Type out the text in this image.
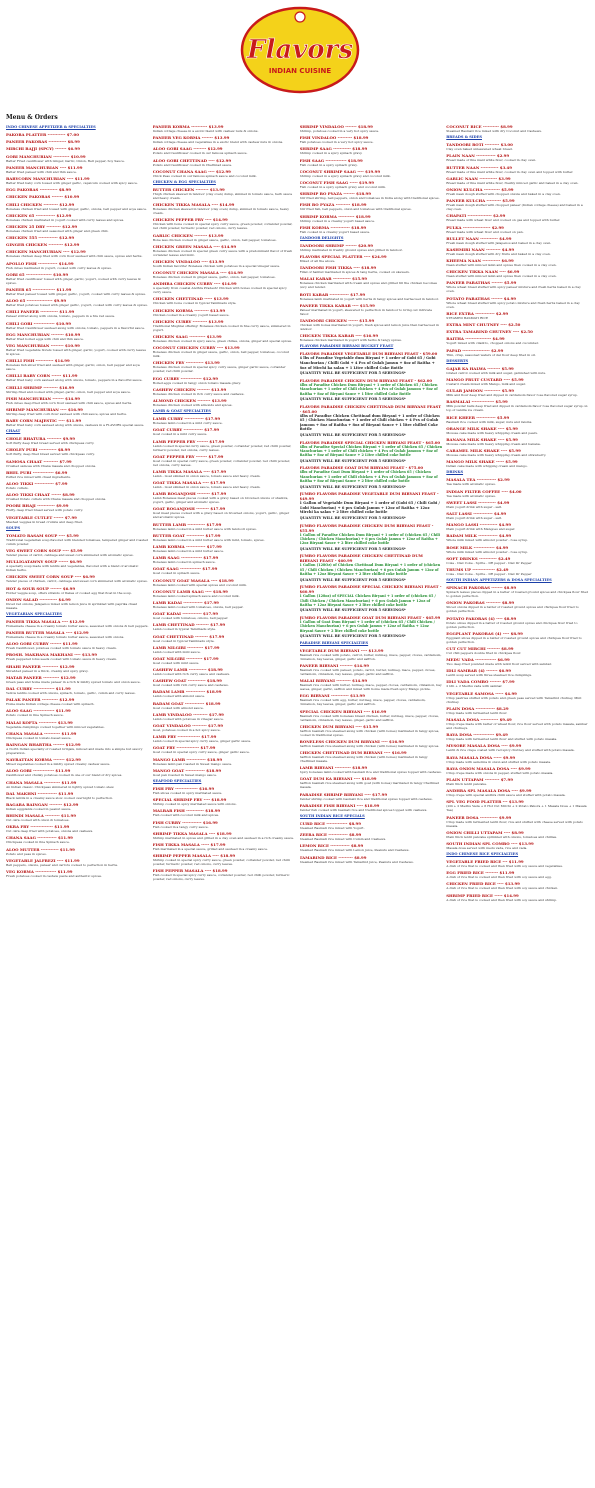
Flavors
INDIAN CUISINE
Menu & Orders
INDO CHINESE APPETIZER & SPECIALTIES
PAKORA PLATTER ----------- $7.00
PANEER PAKORAS ----------- $8.99
MIRCHI BAJJI (SPCY) ------- $6.99
GOBI MANCHURIAN ---------- $10.99
Batter Fried cauliflower with Ginger, Garlic, Onion, Bell pepper, Soy Sauce.
PANEER MANCHURIAN ---- $11.99
Batter fried paneer with chili and thin sauce.
BABYCORN MANCHURIAN ---- $11.99
Batter fried baby corn tossed with ginger garlic, capsicum cooked with spicy sauce.
EGG PAKORAS ----------- $8.99
CHICKEN PAKORAS ------- $10.99
CHILI CHICKEN --------- $12.99
Boneless chicken fried and tossed with ginger, garlic, onions, bell pepper and soya sauce.
CHICKEN 65 ------------ $12.99
Boneless chicken marinated in yogurt cooked with curry leaves and spices.
CHICKEN 25 DRY --------- $12.99
Boneless chicken fried and seasoned with ginger and green chili.
CHICKEN 555 ------------ $12.99
GINGER CHICKEN --------- $12.99
CHICKEN MANCHURIAN ---- $12.99
Boneless chicken deep fried with corn flour sauteed with chili sauce, spices and herbs.
APOLLO FISH ------------ $14.99
Fish cubes marinated in yogurt, cooked with curry leaves & spices.
GOBI 65 ---------------- $10.99
Batter fried cauliflower tossed with ginger, garlic, yogurt, cooked with curry leaves & spices.
PANEER 65 -------------- $11.99
Batter fried paneer tossed with ginger, garlic, yogurt, cooked with curry leaves & spices.
ALOO 65 ---------------- $9.99
Batter fried potatoes tossed with ginger garlic, yogurt, cooked with curry leaves & spices.
CHILI PANEER ----------- $11.99
Paneer stirred along with onions, tomato, peppers in a fire red sauce.
CHILI GOBI ------------- $10.99
Batter fried Cauliflower sauteed along with onions, tomato, peppers in a flavorful sauce.
EGG MANCHURIAN -------- $10.99
Batter fried boiled eggs with chili and thin sauce.
VEG MANCHURIAN -------- $10.99
Batter fried vegetable florets tossed with ginger, garlic, yogurt, cooked with curry leaves & spices.
CHILLI FISH ----------- $14.99
Boneless fish sliver fried and sauteed with ginger, garlic, onion, bell pepper and soya sauce.
CHILLI BABY CORN ------ $11.99
Batter fried baby corn sauteed along with onions, tomato, peppers in a flavorful sauce.
CHILLI SHRIMP --------- $16.99
Shrimp fried and cooked with ginger, garlic, onion, bell pepper and soya sauce.
FISH MANCHURIAN ------- $14.99
Fish cubes deep fried with corn flour sauteed with chili sauce, spices and herbs.
SHRIMP MANCHURIAN ---- $16.99
Shrimp deep fried with corn flour sauteed with chili sauce, spices and herbs.
BABY CORN MAJESTIC ---- $11.99
Batter fried baby corn sauteed along with onions, cashews in a FLAVORS special sauce.
CHAAT
CHOLE BHATURA --------- $9.99
Soft fluffy deep fried bread served with chickpeas curry.
CHOLEY PURI ----------- $8.99
Soft fluffy, deep fried bread served with chickpeas curry.
SAMOSA CHAAT --------- $7.99
Crushed samosa with Chana masala and chopped onions.
BHEL PURI ------------- $6.99
Puffed rice mixed with chaat ingredients.
ALOO TIKKI ------------ $7.99
Potato cutlets.
ALOO TIKKI CHAAT ------ $8.99
Crushed Potato cutlets with Chana masala and chopped onions.
POORI BHAJI ----------- $9.99
Fluffy, deep fried bread served with potato curry.
VEGETABLE CUTLET ------ $7.99
Mashed veggies in bread crumbs and deep fried.
SOUPS
TOMATO RASAM SOUP ---- $5.99
Traditional vegetarian soup flavored with blended tomatoes, tempered ginger and roasted cumin powder.
VEG SWEET CORN SOUP ---- $5.99
Tender pieces of carrot, cabbage and sweet corn simmered with aromatic spices.
MULLIGATAWNY SOUP ------ $6.99
A specialty soup made with lentils and vegetables, flavored with a blend of aromatic Indian herbs.
CHICKEN SWEET CORN SOUP ---- $6.99
Tender pieces of chicken, carrot, cabbage and sweet corn simmered with aromatic spices.
HOT & SOUR SOUP ------- $6.99
Hotter veggie soup, offers strands or flakes of cooked egg that float in the soup.
ONION SALAD ----------- $4.99
Diced red onions, Jalapenos mixed with lemon juice & sprinkled with paprika chaat masala.
VEGETARIAN SPECIALTIES
PANEER TIKKA MASALA ---- $12.99
Homemade cheese in a creamy tomato butter sauce, seasoned with onions & bell peppers.
PANEER BUTTER MASALA ---- $12.99
Homemade cheese in a creamy tomato butter sauce, seasoned with onions.
ALOO GOBI CURRY ------- $11.99
Fresh Cauliflower, potatoes cooked with tomato sauce & heavy cream.
PROSH. MAKHANA MAKHANI ---- $13.99
Fresh peppered lotus seeds cooked with tomato sauce & heavy cream.
SHAHI PANEER ---------- $12.99
Shredded paneer in a thick, creamy and spicy gravy.
MATAR PANEER ---------- $12.99
Green peas and home made paneer in a rich & mildly spiced tomato and onion sauce.
DAL CURRY ------------- $11.99
Yellow lentils cooked with onions, spinach, tomato, garlic, cumin and curry leaves.
PALAK PANEER ---------- $12.99
Home made Indian cottage cheese cooked with spinach.
ALOO SAAG ------------- $11.99
Potato cooked in fine Spinach sauce.
MALAI KOFTA ----------- $13.99
Vegetable dumplings cooked together with minced vegetables.
CHANA MASALA ---------- $11.99
Chickpeas cooked in tomato-based sauce.
BAINGAN BHARTHA ------- $12.99
A North Indian specialty of roasted brinjals, minced and made into a simple but savory preparation.
NAVRATTAN KORMA ------- $12.99
Mixed vegetables cooked in a mildly spiced creamy cashew sauce.
ALOO GOBI ------------- $11.99
Cauliflower and chunky potatoes cooked in one of our blend of dry spices.
CHANA MASALA ---------- $11.99
An Indian classic. Chickpeas simmered in lightly spiced tomato stew.
DAL MAKHNI ------------ $11.99
Black lentils in a creamy sauce slow cooked overnight to perfection.
BAGARA BAINGAN -------- $12.99
Indian eggplants cooked in peanut sauce.
BHINDI MASALA --------- $11.99
Cut okra cooked with onion & tomatoes.
OKRA FRY -------------- $11.99
Cut okra deep fried with potatoes, onions and cashews.
CHANA SAAG ------------ $11.99
Chickpeas cooked in fine Spinach sauce.
ALOO MUTTER ----------- $11.99
Potato and peas in spices.
VEGETABLE JALFREZI ---- $11.99
Bell peppers, onions, paneer and carrots cooked to perfection in herbs.
VEG KORMA ------------- $11.99
Fresh potatoes cooked in cashew paste and authentic spices.
PANEER KORMA ---------- $13.99
Indian cottage cheese in a exotic blend with cashew nuts & onions.
PANEER VEG KORMA ------- $13.99
Indian cottage cheese and vegetables in a exotic blend with cashew nuts & onions.
ALOO GOBI SAAG -------- $12.99
Potato and Cauliflower cooked in our famous spinach sauce.
ALOO GOBI CHETTINAD ---- $12.99
Potato and Cauliflower cooked in Chettinad sauce.
COCONUT CHANA SAAG ---- $12.99
Chick Peas cooked in our famous spinach sauce and coconut milk.
CHICKEN & EGG SPECIALTIES
BUTTER CHICKEN -------- $13.99
Thigh chicken skewed in tandoor (clay oven) dump, simmed in tomato sauce, herb sauce and heavy cream.
CHICKEN TIKKA MASALA ---- $14.99
Boneless chicken skewed in tandoor (clay oven) dump, simmed in tomato sauce, heavy cream.
CHICKEN PEPPER FRY ---- $14.99
Chicken with bone cooked in special spicy curry sauce, green powder, coriander powder, red chilli powder, turmeric powder, red onions, curry leaves.
GARLIC CHICKEN -------- $13.99
Bone less chicken cooked in ginger sauce, garlic, onion, bell pepper, tomatoes.
CHICKEN GREEN MASALA ---- $14.99
Boneless chicken cooked in special green curry sauce with a predominant flavor of fresh coriander leaves and mint.
CHICKEN VINDALOO ---- $13.99
South Indian favorite! Boneless chicken with potatoes in a special vinegar sauce.
COCONUT CHICKEN MASALA ---- $14.99
Boneless chicken cooked in ginger sauce, garlic, onion, bell pepper, tomatoes.
ANDHRA CHICKEN CURRY ---- $14.99
A specialty from coastal Andhra Pradesh! Chicken with bones cooked in special spicy curry sauce.
CHICKEN CHETTINAD ----- $13.99
Chicken with bone cooked in typical Tamilnadu style.
CHICKEN KORMA --------- $13.99
Chicken cooked in a creamy yogurt based sauce.
CHICKEN CURRY --------- $13.99
Traditional Mughlai offering! Boneless chicken cooked in fine curry sauce, simmered in yogurt.
CHICKEN SAAG ---------- $13.99
Boneless chicken cooked in spicy sauce, green chilies, onions, ginger and special spices.
COCONUT CHICKEN CURRY ---- $13.99
Boneless chicken cooked in ginger sauce, garlic, onion, bell pepper, tomatoes, coconut milk.
CHICKEN FRY ----------- $13.99
Boneless chicken cooked in special spicy curry sauce, ginger garlic sauce, coriander powder, red chilli powder.
EGG CURRY ------------- $12.99
Boiled eggs cooked in tangy onion tomato masala gravy.
CASHEW CHICKEN -------- $13.99
Boneless chicken cooked in rich curry sauce and cashews.
ALMOND CHICKEN -------- $13.99
Boneless chicken cooked with almonds and spices.
LAMB & GOAT SPECIALTIES
LAMB CURRY ------------ $17.99
Boneless lamb cooked in a mild curry sauce.
GOAT CURRY ------------ $17.99
Goat cooked in a mild curry sauce.
LAMB PEPPER FRY ------- $17.99
Lamb cooked in special curry sauce, green powder, coriander powder, red chilli powder, turmeric powder, red onions, curry leaves.
GOAT PEPPER FRY ------- $17.99
Goat cooked in special curry sauce, green powder, coriander powder, red chilli powder, red onions, curry leaves.
LAMB TIKKA MASALA ---- $17.99
Lamb - Goat simmed in onion sauce, tomato sauce and heavy cream.
GOAT TIKKA MASALA ---- $17.99
Lamb - Goat simmed in onion sauce, tomato sauce and heavy cream.
LAMB ROGANJOSH -------- $17.99
Lamb Boneless meat pieces cooked with a gravy based on browned onions or shallots, yogurt, garlic, ginger and aromatic spices.
GOAT ROGANJOSH -------- $17.99
Goat meat pieces cooked with a gravy based on browned onions, yogurt, garlic, ginger and aromatic spices.
BUTTER LAMB ----------- $17.99
Boneless lamb cooked in a mild butter sauce with tandoori spices.
BUTTER GOAT ----------- $17.99
Boneless lamb cooked in a mild butter sauce with mint, tomato, spices.
LAMB KORMA ------------ $17.99
Boneless lamb cooked in a mild butter sauce.
LAMB SAAG ------------- $17.99
Boneless lamb cooked in spinach sauce.
GOAT SAAG ------------- $17.99
Goat cooked in spinach sauce.
COCONUT GOAT MASALA ---- $18.99
Boneless lamb cooked with special spices and coconut milk.
COCONUT LAMB SAAG ---- $18.99
Boneless lamb cooked spinach sauce and coconut milk.
LAMB KADAI ------------ $17.99
Boneless lamb cooked with tomatoes, onions, bell pepper.
GOAT KADAI ------------ $17.99
Goat cooked with tomatoes, onions, bell pepper.
LAMB CHETTINAD -------- $17.99
Lamb cooked in typical Tamilnadu style.
GOAT CHETTINAD -------- $17.99
Goat cooked in typical Tamilnadu style.
LAMB NILGIRI ---------- $17.99
Lamb cooked with mint sauce.
GOAT NILGIRI ---------- $17.99
Goat cooked with mint sauce.
CASHEW LAMB ----------- $18.99
Lamb cooked with rich curry sauce and cashews.
CASHEW GOAT ----------- $18.99
Goat cooked with rich curry sauce and cashews.
BADAM LAMB ------------ $18.99
Lamb cooked with almond sauce.
BADAM GOAT ------------ $18.99
Goat cooked with almond sauce.
LAMB VINDALOO --------- $17.99
Lamb cooked with potatoes in vinegar sauce.
GOAT VINDALOO --------- $17.99
Goat, potatoes cooked in a hot spicy sauce.
LAMB FRY -------------- $17.99
Lamb cooked in special spicy curry sauce, ginger garlic sauce.
GOAT FRY -------------- $17.99
Goat cooked in special spicy curry sauce, ginger garlic sauce.
MANGO LAMB ------------ $18.99
Boneless lamb pan roasted in Sweet mango sauce.
MANGO GOAT ------------ $18.99
Goat pan roasted in Sweet mango sauce.
SEAFOOD SPECIALTIES
FISH FRY -------------- $16.99
Fish slices cooked in spicy marinated sauce.
SPECIAL SHRIMP FRY ---- $18.99
Shrimp cooked in spicy marinated sauce with onions.
MALBAR FISH ----------- $18.99
Fish cooked with coconut milk and spices.
FISH CURRY ------------ $16.99
Fish cooked in a tangy curry sauce.
SHRIMP TIKKA MASALA ---- $18.99
Shrimp marinated in spices and grilled in a clay oven and sauteed in a rich creamy sauce.
FISH TIKKA MASALA ----- $17.99
Fish marinated in a special sauce, grilled and sauteed in a creamy sauce.
SHRIMP PEPPER MASALA ---- $18.99
Shrimp cooked in special spicy curry sauce, green powder, coriander powder, red chilli powder, turmeric powder, red onions, curry leaves.
FISH PEPPER MASALA ---- $18.99
Fish cooked in special spicy curry sauce, coriander powder, red chilli powder, turmeric powder, red onions, curry leaves.
SHRIMP VINDALOO ------- $18.99
Shrimp, potatoes cooked in a very hot spicy sauce.
FISH VINDALOO --------- $18.99
Fish potatoes cooked in a very hot spicy sauce.
SHRIMP SAAG ----------- $18.99
Shrimp cooked in a spicy spinach gravy.
FISH SAAG ------------- $18.99
Fish cooked in a spicy spinach gravy.
COCONUT SHRIMP SAAG ---- $19.99
Shrimp cooked in a spicy spinach gravy and coconut milk.
COCONUT FISH SAAG ----- $19.99
Fish cooked in a spicy spinach gravy and coconut milk.
SHRIMP BO PYAZA ------- $18.99
Stir fried shrimp, bell peppers, onion and tomatoes in India along with traditional spices.
FISH BO PYAZA --------- $18.99
Stir fried fish, bell peppers, onion and tomatoes with traditional spices.
SHRIMP KORMA ---------- $18.99
Shrimp cooked in a creamy yogurt based sauce.
FISH KORMA ------------ $18.99
Fish cooked in a creamy yogurt based sauce.
TANDOOR DELIGHTS
TANDOORI SHRIMP ------- $20.99
Shrimp marinated in freshly ground spices and grilled in tandoor.
FLAVORS SPECIAL PLATTER ---- $24.99
Mixed of all the above.
TANDOORI FISH TIKKA ---- $18.99
Fillet of halibut marinated in spices & tang herbs, cooked on skewers.
MALAI KABAB ----------- $15.99
Boneless chicken marinated with cream and spices and grilled till the chicken becomes juicy and tender.
BOTI KABAB ------------ $17.99
Boneless lamb marinated in yogurt with herbs & tangy spices and barbecued in tandoor.
PANEER TIKKA KABAB ---- $15.99
Paneer marinated in yogurt, skewered to perfection in tandoor to bring out intricate flavor.
TANDOORI CHICKEN ------ $15.99
Chicken with bones marinated in yogurt, fresh spices and lemon juice then barbecued in tandoor.
CHICKEN TIKKA KABAB ---- $16.99
Boneless chicken marinated in yogurt with herbs & tangy spices.
FLAVORS PARADISE BIRYANI BUCKET FEAST
FLAVORS PARADISE VEGETABLE DUM BIRYANI FEAST - $59.00
4 lbs of Paradise Vegetable dum Biryani + 1 order of Gobi 65 / Gobi Manchurian / Chilli Gobi + 4 Pcs of Gulab Jamun + 8oz of Raitha + 8oz of Mirchi ka salan + 1 Litre chilled Coke Bottle
QUANTITY WILL BE SUFFICIENT FOR 5 SERVINGS*
FLAVORS PARADISE CHICKEN DUM BIRYANI FEAST - $62.00
4lbs of Paradise Chicken Dum Biryani + 1 order of Chicken 65 / Chicken Manchurian + 1 order of Chili chicken + 4 Pcs of Gulab Jamoon + 8oz of Raitha + 8oz of Biryani Sauce + 1 litre chilled Coke Bottle
QUANTITY WILL BE SUFFICIENT FOR 5 SERVINGS*
FLAVORS PARADISE CHICKEN CHETTINAD DUM BIRYANI FEAST - $65.00
4lbs of Paradise Chicken Chettinad dum Biryani + 1 order of Chicken 65 / Chicken Manchurian + 1 order of Chili chicken + 4 Pcs of Gulab Jamoon + 8oz of Raitha + 8oz of Biryani Sauce + 1 litre chilled Coke Bottle
QUANTITY WILL BE SUFFICIENT FOR 5 SERVINGS*
FLAVORS PARADISE SPECIAL CHICKEN BIRYANI FEAST - $65.00
4lbs of Paradise Special Chicken Biryani + 1 order of Chicken 65 / Chicken Manchurian + 1 order of Chili chicken + 4 Pcs of Gulab Jamoon + 8oz of Raitha + 8oz of Biryani Sauce + 2 Litre chilled coke bottle
QUANTITY WILL BE SUFFICIENT FOR 5 SERVINGS*
FLAVORS PARADISE GOAT DUM BIRYANI FEAST - $75.00
4lbs of Paradise Goat Dum Biryani + 1 order of Chicken 65 / Chicken Manchurian + 1 order of Chili chicken + 4 Pcs of Gulab Jamoon + 8oz of Raitha + 8oz of Biryani Sauce + 2 litre chilled coke bottle
QUANTITY WILL BE SUFFICIENT FOR 5 SERVINGS*
JUMBO FLAVORS PARADISE VEGETABLE DUM BIRYANI FEAST - $49.99
1 Gallon of Vegetable Dum Biryani + 1 order of (Gobi 65 / Chili Gobi / Gobi Manchurian) + 6 pcs Gulab Jamun + 12oz of Raitha + 12oz Mirchi ka salan + 2 litre chilled coke bottle
QUANTITY WILL BE SUFFICIENT FOR 5 SERVINGS*
JUMBO FLAVORS PARADISE CHICKEN DUM BIRYANI FEAST - $55.99
1 Gallon of Paradise Chicken Dum Biryani + 1 order of (chicken 65 / Chili Chicken / Chicken Manchurian) + 6 pcs Gulab Jamun + 12oz of Raitha + 12oz Biryani Sauce + 2 litre chilled coke bottle
QUANTITY WILL BE SUFFICIENT FOR 5 SERVINGS*
JUMBO FLAVORS PARADISE CHICKEN CHETTINAD DUM BIRYANI FEAST - $60.99
1 Gallon (128Oz) of Chicken Chettinad Dum Biryani + 1 order of (chicken 65 / Chili Chicken / Chicken Manchurian) + 6 pcs Gulab Jamun + 12oz of Raitha + 12oz Biryani Sauce + 2 litre chilled coke bottle
QUANTITY WILL BE SUFFICIENT FOR 5 SERVINGS*
JUMBO FLAVORS PARADISE SPECIAL CHICKEN BIRYANI FEAST - $60.99
1 Gallon (128oz) of SPECIAL Chicken Biryani + 1 order of (chicken 65 / Chili Chicken / Chicken Manchurian) + 6 pcs Gulab Jamun + 12oz of Raitha + 12oz Biryani Sauce + 2 litre chilled coke bottle
QUANTITY WILL BE SUFFICIENT FOR 5 SERVINGS*
JUMBO FLAVORS PARADISE GOAT DUM BIRYANI FEAST - $65.99
1 Gallon of Goat Dum Biryani + 1 order of (chicken 65 / Chili Chicken / Chicken Manchurian) + 6 pcs Gulab Jamun + 12oz of Raitha + 12oz Biryani Sauce + 2 litre chilled coke bottle
QUANTITY WILL BE SUFFICIENT FOR 5 SERVINGS*
PARADISE BIRYANI SPECIALTIES
VEGETABLE DUM BIRYANI ---- $13.99
Basmati rice cooked with potato, carrot, butter, nutmeg, mace, pepper, cloves, cardamom, cinnamon, bay leaves, ginger, garlic and saffron.
PANEER BIRYANI -------- $14.99
Basmati rice cooked with paneer, potato, carrot, butter, nutmeg, mace, pepper, cloves, cardamom, cinnamon, bay leaves, ginger, garlic and saffron.
MALAI BIRYANI --------- $14.99
Basmati rice cooked with butter, nutmeg, mace, pepper, cloves, cardamom, cinnamon, bay leaves, ginger, garlic, saffron and mixed with home made fresh spicy Mango pickle.
EGG BIRYANI ----------- $13.99
Basmati rice cooked with egg, butter, nutmeg, mace, pepper, cloves, cardamom, cinnamon, bay leaves, ginger, garlic and saffron.
SPECIAL CHICKEN BIRYANI ---- $16.99
Basmati rice cooked with boneless breast chicken, butter, nutmeg, mace, pepper, cloves, cardamom, cinnamon, bay leaves, ginger, garlic and saffron.
CHICKEN DUM BIRYANI ---- $15.99
Saffron basmati rice steamed along with chicken (with bones) marinated in tangy spices, cooked in traditional spices.
BONELESS CHICKEN DUM BIRYANI ---- $16.99
Saffron basmati rice steamed along with chicken (with bones) marinated in tangy spices.
CHICKEN CHETTINAD DUM BIRYANI ---- $16.99
Saffron basmati rice steamed along with chicken (with bones) marinated in tangy Chettinad masala.
LAMB BIRYANI ---------- $18.99
Spicy boneless lamb cooked with basmati rice and traditional spices topped with cashews.
GOAT DUM KA BIRYANI ---- $18.99
Saffron basmati rice steamed along with goat (with bones) marinated in tangy Chettinad masala.
PARADISE SHRIMP BIRYANI ---- $17.99
Tender shrimp cooked with basmati rice and traditional spices topped with cashews.
PARADISE FISH BIRYANI ---- $18.99
Tender fish cooked with basmati rice and traditional spices topped with cashews.
SOUTH INDIAN RICE SPECIALS
CURD RICE ------------- $8.99
Steamed Basmati rice mixed with Yogurt.
ZEERA RICE ------------ $8.99
Steamed Basmati rice mixed with Cumin and Cashews.
LEMON RICE ------------ $8.99
Steamed Basmati rice mixed with Lemon juice, Peanuts and Cashews.
TAMARIND RICE --------- $8.99
Steamed Basmati rice mixed with Tamarind juice, Peanuts and Cashews.
COCONUT RICE ---------- $8.99
Steamed Basmati rice mixed with dry Coconut and Cashews.
BREADS & SIDES
TANDOORI ROTI --------- $3.00
Clay oven baked unleavened wheat bread.
PLAIN NAAN ------------ $2.99
Bread made of fine maid white flour, cooked in clay oven.
BUTTER NAAN ----------- $3.49
Bread made of fine maid white flour, cooked in clay oven and topped with butter.
GARLIC NAAN ----------- $3.99
Bread made of fine maid white flour, freshly minced garlic and baked in a clay oven.
ONION KULCHA ---------- $5.99
Fresh naan dough stuffed with chopped onions and baked in a clay oven.
PANEER KULCHA --------- $5.99
Fresh naan dough stuffed with chopped paneer (Indian cottage cheese) and baked in a clay oven.
CHAPATI --------------- $2.99
Bread made with wheat flour and cooked on gas and topped with butter.
PULKA ----------------- $2.99
Bread made with wheat flour and cooked on pan.
BULLET NAAN ----------- $4.99
Fresh naan dough stuffed with Jalapenos and baked in a clay oven.
KASHMIRI NAAN --------- $4.99
Fresh naan dough stuffed with dry fruits and baked in a clay oven.
KHEEMA NAAN ----------- $6.99
Naan stuffed with minced lamb and spices then cooked in a clay oven.
CHICKEN TIKKA NAAN ---- $6.99
Naan stuffed with minced lamb and spices then cooked in a clay oven.
PANEER PARATHAS ------- $5.99
Whole wheat bread stuffed with spicy paneer mixture and fresh herbs baked in a clay oven.
POTATO PARATHAS ------- $4.99
Whole wheat bread stuffed with spicy potato mixture and fresh herbs baked in a clay oven.
RICE EXTRA ------------ $2.99
STEAMED BASMATI RICE
EXTRA MINT CHUTNEY ---- $2.50
EXTRA TAMARIND CHUTNEY ---- $2.50
RAITHA ---------------- $4.99
Yogurt mixed with cilantro, chopped onions and cucumber.
PAPAD ----------------- $2.99
Thin, crisp, seasoned wafers of dal flour deep fried in oil.
DESSERTS
GAJAR KA HALWA -------- $5.99
Grated carrot cooked with milk and sugar, garnished with nuts.
MANGO FRUIT CUSTARD ---- $5.99
Custard cream mixed with Mango, milk and sugar.
GULAB JAMOON ---------- $5.99
Milk and flour deep fried and dipped in cardamom flavor rose flavored sugar syrup.
RASMALAI -------------- $5.99
Milk powder balls deep fried and dipped in cardamom flavor rose flavored sugar syrup on top of vanilla ice cream.
RICE KHEER ------------ $5.99
Basmati rice cooked with milk, sugar, nuts and raisins.
ORANGE MILK SHAKE ---- $5.99
Mousse cake made with heavy whipping cream and pears.
BANANA MILK SHAKE ---- $5.99
Mousse cake made with heavy whipping cream and banana.
CARAMEL MILK SHAKE ---- $5.99
Mousse cake made with heavy whipping cream and strawberry.
MANGO MILK SHAKE ----- $5.99
Indian cake made with whipping cream and mango.
DRINKS
MASALA TEA ------------ $2.99
Tea made with aromatic spices.
INDIAN FILTER COFFEE ---- $4.00
Tea made with aromatic spices.
SWEET LASSI ----------- $4.99
Plain yogurt drink with sugar - salt.
SALT LASSI ------------ $4.99
Plain yogurt drink with sugar - salt.
MANGO LASSI ----------- $4.99
Plain yogurt drink with Mangoes and sugar.
BADAM MILK ------------ $4.99
Whole milk mixed with almond powder - rose syrup.
ROSE MILK ------------- $4.99
Whole milk mixed with almond powder - rose syrup.
SOFT DRINKS ----------- $2.49
Coke - Diet Coke - Sprite - DR pepper - Diet Dr Pepper
THUMS UP -------------- $2.49
Coke - Diet Coke - Sprite - DR pepper - Diet Dr Pepper
SOUTH INDIAN APPETIZERS & DOSA SPECIALTIES
SPINACH PAKORAS ------- $8.99
Spinach leaves pieces dipped in a batter of roasted ground spices and chickpea flour fried to golden perfection.
ONION PAKORAS --------- $8.99
Sliced onions dipped in a batter of roasted ground spices and chickpea flour fried to golden perfection.
POTATO PAKORAS (4) ---- $8.99
Potato slices dipped in a batter of roasted ground spices and chickpea flour fried to golden perfection.
EGGPLANT PAKORAS (4) ---- $8.99
Eggplant slices dipped in a batter of roasted ground spices and chickpea flour fried to golden perfection.
CUT CUT MIRCHI -------- $8.99
Cut chili peppers double fried in chickpea flour.
MEDU VADA ------------- $6.99
Two deep fried pounded made with lentil flour served with sambar.
IDLI SAMBAR (4) ------- $6.99
Lentil soup served with three steamed rice dumplings.
IDLI VADA COMBO ------- $7.99
2 Idli + 2 Medhu vada with sambar.
VEGETABLE SAMOSA ----- $4.99
Crisp pastries stuffed with potato and green peas served with Tamarind chutney, Mint chutney.
PLAIN DOSA ------------ $8.29
Crisp made with fermented lentil flour.
MASALA DOSA ----------- $9.49
Crisp crepe made with batter of wheat flour, rice flour served with potato masala, sambar and chutneys.
RAVA DOSA ------------- $9.49
Crisp made with fermented lentil flour and stuffed with potato masala.
MYSORE MASALA DOSA ---- $9.99
Lentil & rice crepe coated with red spicy chutney and stuffed with potato masala.
RAVA MASALA DOSA ----- $9.99
Crisp made with semolina & onion and stuffed with potato masala.
RAVA ONION MASALA DOSA ---- $9.99
Crisp crepe made with onions & pepper, stuffed with potato masala.
PLAIN UTTAPAM --------- $7.99
Plain thick lentil pancake.
ANDHRA SPL MASALA DOSA ---- $9.99
Crisp crepe with special andhra chilli sauce and stuffed with potato masala.
SPL VEG FOOD PLATTER --- $13.99
(Idli + 2 Medhu Vada + 6 Hot Cut Mirchi + 2 Potato Pakora + 1 Masala Dosa + 1 Masala Tea)
PANEER DOSA ----------- $9.99
Crisp made with fermented lentil flour, rice and stuffed with cheese served with potato masala.
ONION CHILLI UTTAPAM ---- $8.99
Plain thick lentil pancake sprinkled with onions, tomatoes and chillies.
SOUTH INDIAN SPL COMBO ---- $13.99
Masala dosa served with medu vada, rice and vada.
INDO CHINESE RICE SPECIALTIES
VEGETABLE FRIED RICE --- $11.99
A dish of rice that is cooked and then fried with soy sauce and vegetables.
EGG FRIED RICE -------- $11.99
A dish of rice that is cooked and then fried with soy sauce and egg.
CHICKEN FRIED RICE ---- $13.99
A dish of rice that is cooked and then fried with soy sauce and chicken.
SHRIMP FRIED RICE ----- $14.99
A dish of rice that is cooked and then fried with soy sauce and shrimp.
